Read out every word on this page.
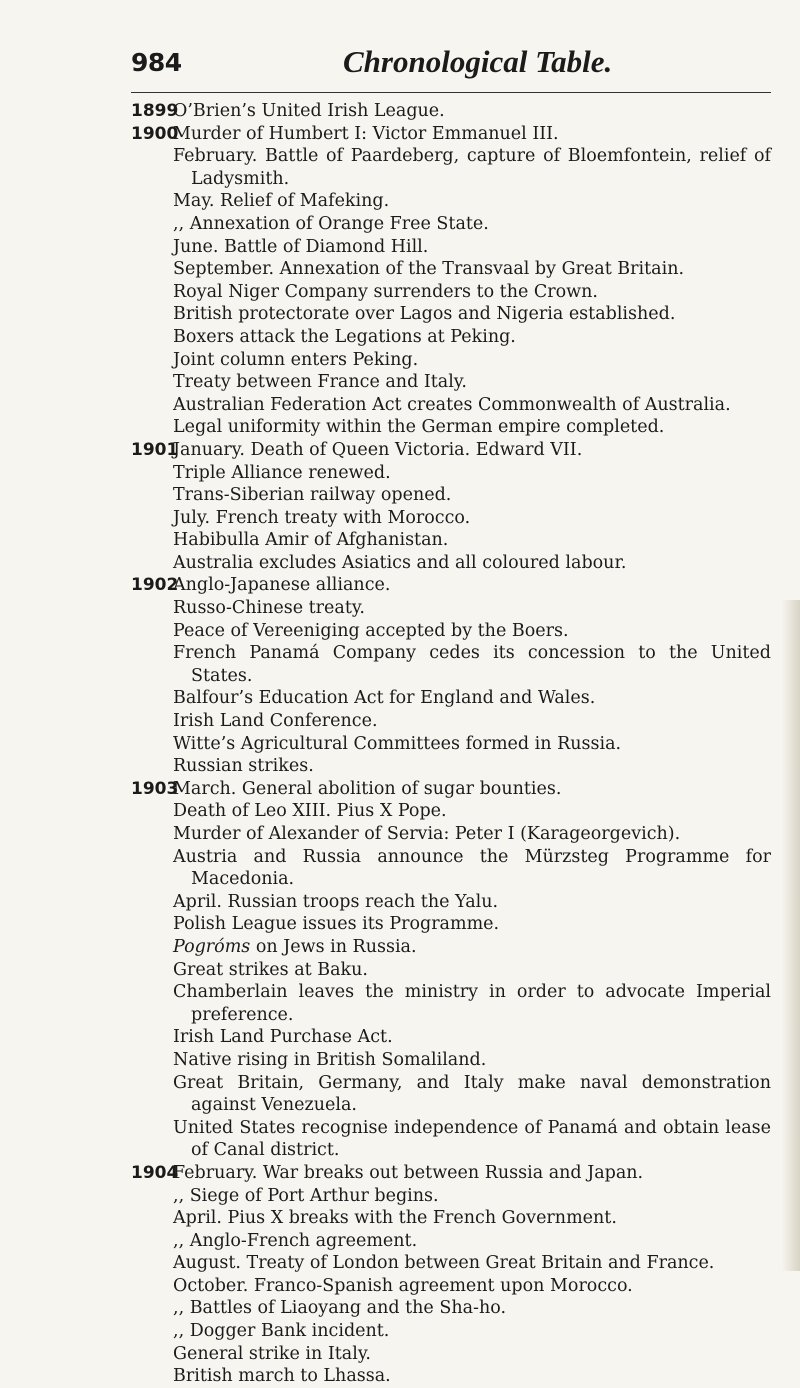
984	Chronological Table.
1899
O’Brien’s United Irish League.
1900
Murder of Humbert I: Victor Emmanuel III.
February. Battle of Paardeberg, capture of Bloemfontein, relief of Ladysmith.
May. Relief of Mafeking.
,, Annexation of Orange Free State.
June. Battle of Diamond Hill.
September. Annexation of the Transvaal by Great Britain.
Royal Niger Company surrenders to the Crown.
British protectorate over Lagos and Nigeria established.
Boxers attack the Legations at Peking.
Joint column enters Peking.
Treaty between France and Italy.
Australian Federation Act creates Commonwealth of Australia.
Legal uniformity within the German empire completed.
1901
January. Death of Queen Victoria. Edward VII.
Triple Alliance renewed.
Trans-Siberian railway opened.
July. French treaty with Morocco.
Habibulla Amir of Afghanistan.
Australia excludes Asiatics and all coloured labour.
1902
Anglo-Japanese alliance.
Russo-Chinese treaty.
Peace of Vereeniging accepted by the Boers.
French Panamá Company cedes its concession to the United States.
Balfour’s Education Act for England and Wales.
Irish Land Conference.
Witte’s Agricultural Committees formed in Russia.
Russian strikes.
1903
March. General abolition of sugar bounties.
Death of Leo XIII. Pius X Pope.
Murder of Alexander of Servia: Peter I (Karageorgevich).
Austria and Russia announce the Mürzsteg Programme for Macedonia.
April. Russian troops reach the Yalu.
Polish League issues its Programme.
Pogróms on Jews in Russia.
Great strikes at Baku.
Chamberlain leaves the ministry in order to advocate Imperial preference.
Irish Land Purchase Act.
Native rising in British Somaliland.
Great Britain, Germany, and Italy make naval demonstration against Venezuela.
United States recognise independence of Panamá and obtain lease of Canal district.
1904
February. War breaks out between Russia and Japan.
,, Siege of Port Arthur begins.
April. Pius X breaks with the French Government.
,, Anglo-French agreement.
August. Treaty of London between Great Britain and France.
October. Franco-Spanish agreement upon Morocco.
,, Battles of Liaoyang and the Sha-ho.
,, Dogger Bank incident.
General strike in Italy.
British march to Lhassa.
